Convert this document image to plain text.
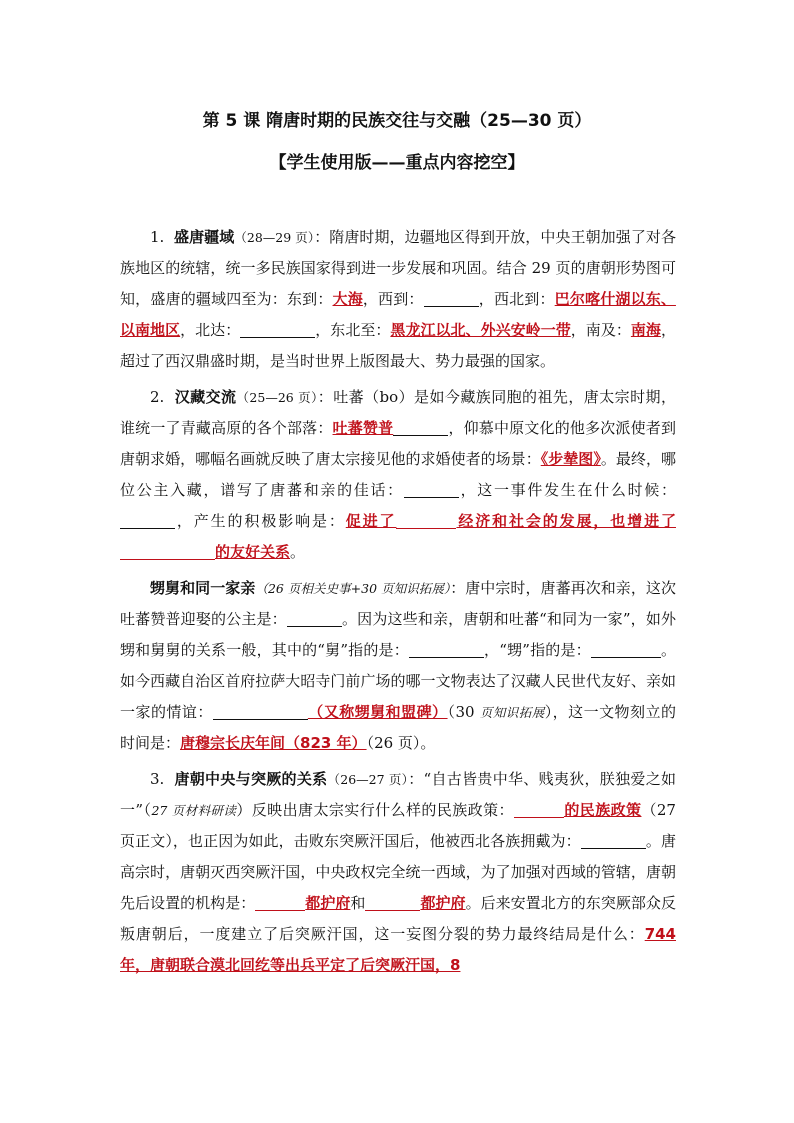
第 5 课 隋唐时期的民族交往与交融（25—30 页）
【学生使用版——重点内容挖空】

1. 盛唐疆域（28—29 页）：隋唐时期，边疆地区得到开放，中央王朝加强了对各族地区的统辖，统一多民族国家得到进一步发展和巩固。结合 29 页的唐朝形势图可知，盛唐的疆域四至为：东到：大海，西到：	，西北到：巴尔喀什湖以东、以南地区，北达：	，东北至：黑龙江以北、外兴安岭一带，南及：南海，超过了西汉鼎盛时期，是当时世界上版图最大、势力最强的国家。

2. 汉藏交流（25—26 页）：吐蕃（bo）是如今藏族同胞的祖先，唐太宗时期，谁统一了青藏高原的各个部落：吐蕃赞普	，仰慕中原文化的他多次派使者到唐朝求婚，哪幅名画就反映了唐太宗接见他的求婚使者的场景：《步辇图》。最终，哪位公主入藏，谱写了唐蕃和亲的佳话：	，这一事件发生在什么时候：，产生的积极影响是：促进了	经济和社会的发展，也增进了的友好关系。

甥舅和同一家亲（26 页相关史事+30 页知识拓展）：唐中宗时，唐蕃再次和亲，这次吐蕃赞普迎娶的公主是：	。因为这些和亲，唐朝和吐蕃“和同为一家”，如外甥和舅舅的关系一般，其中的“舅”指的是：	，“甥”指的是：	。如今西藏自治区首府拉萨大昭寺门前广场的哪一文物表达了汉藏人民世代友好、亲如一家的情谊：	（又称甥舅和盟碑）（30 页知识拓展），这一文物刻立的时间是：唐穆宗长庆年间（823 年）（26 页）。

3. 唐朝中央与突厥的关系（26—27 页）：“自古皆贵中华、贱夷狄，朕独爱之如一”（27 页材料研读）反映出唐太宗实行什么样的民族政策：	的民族政策（27 页正文），也正因为如此，击败东突厥汗国后，他被西北各族拥戴为：	。唐高宗时，唐朝灭西突厥汗国，中央政权完全统一西域，为了加强对西域的管辖，唐朝先后设置的机构是：	都护府和	都护府。后来安置北方的东突厥部众反叛唐朝后，一度建立了后突厥汗国，这一妄图分裂的势力最终结局是什么：744 年，唐朝联合漠北回纥等出兵平定了后突厥汗国，8
